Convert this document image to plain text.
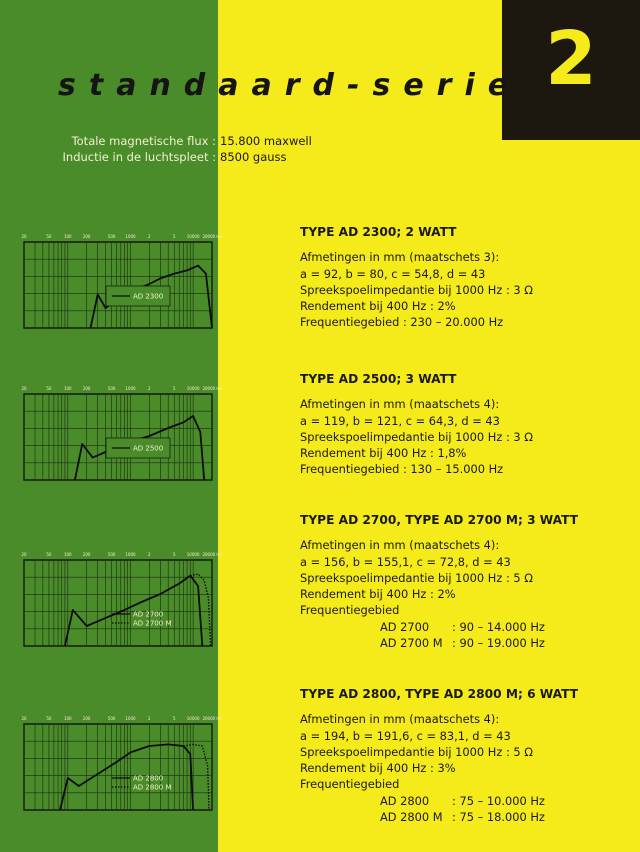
2
standaard-serie
Totale magnetische flux : 15.800 maxwell
Inductie in de luchtspleet : 8500 gauss
20	50	100	200	500 1000	2	5	10000 20000 Hz
AD 2300
20	50	100	200	500 1000	2	5	10000 20000 Hz
AD 2500
20	50	100	200	500 1000	2	5	10000 20000 Hz
AD 2700
AD 2700 M
20	50	100	200	500 1000	2	5	10000 20000 Hz
AD 2800
AD 2800 M
TYPE AD 2300; 2 WATT
Afmetingen in mm (maatschets 3):
a = 92, b = 80, c = 54,8, d = 43
Spreekspoelimpedantie bij 1000 Hz : 3 Ω
Rendement bij 400 Hz : 2%
Frequentiegebied : 230 – 20.000 Hz
TYPE AD 2500; 3 WATT
Afmetingen in mm (maatschets 4):
a = 119, b = 121, c = 64,3, d = 43
Spreekspoelimpedantie bij 1000 Hz : 3 Ω
Rendement bij 400 Hz : 1,8%
Frequentiegebied : 130 – 15.000 Hz
TYPE AD 2700, TYPE AD 2700 M; 3 WATT
Afmetingen in mm (maatschets 4):
a = 156, b = 155,1, c = 72,8, d = 43
Spreekspoelimpedantie bij 1000 Hz : 5 Ω
Rendement bij 400 Hz : 2%
Frequentiegebied
AD 2700 : 90 – 14.000 Hz
AD 2700 M : 90 – 19.000 Hz
TYPE AD 2800, TYPE AD 2800 M; 6 WATT
Afmetingen in mm (maatschets 4):
a = 194, b = 191,6, c = 83,1, d = 43
Spreekspoelimpedantie bij 1000 Hz : 5 Ω
Rendement bij 400 Hz : 3%
Frequentiegebied
AD 2800 : 75 – 10.000 Hz
AD 2800 M : 75 – 18.000 Hz
